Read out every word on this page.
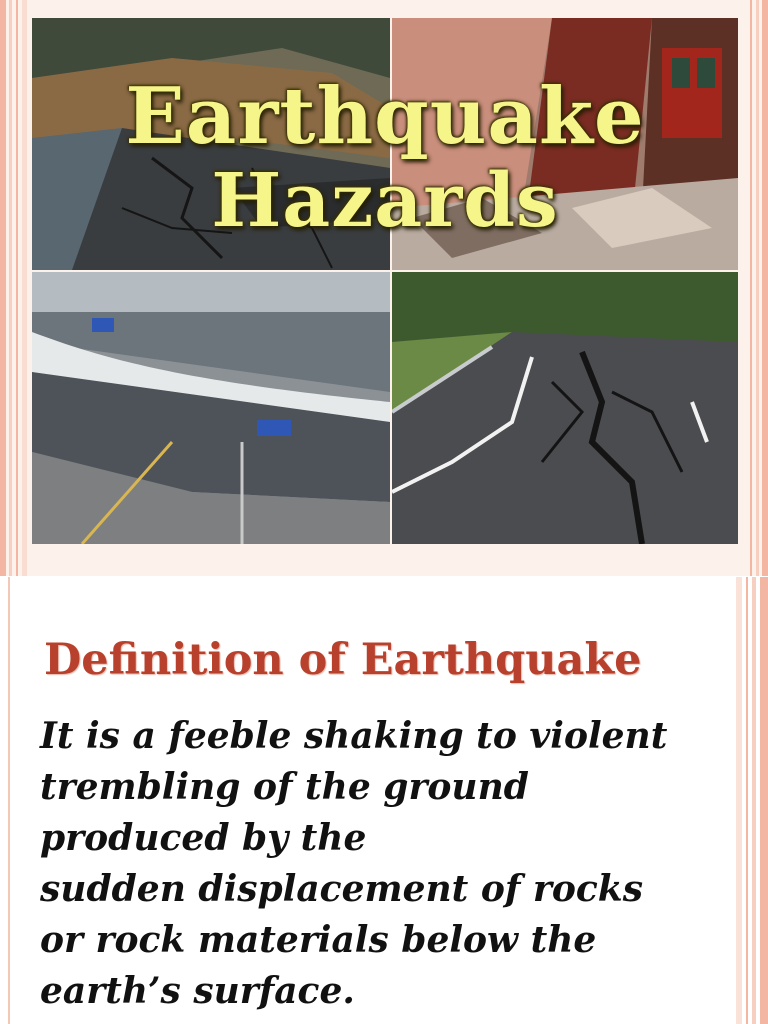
Earthquake
Hazards
Definition of Earthquake
It is a feeble shaking to violent
trembling of the ground
produced by the
sudden displacement of rocks
or rock materials below the
earth’s surface.
